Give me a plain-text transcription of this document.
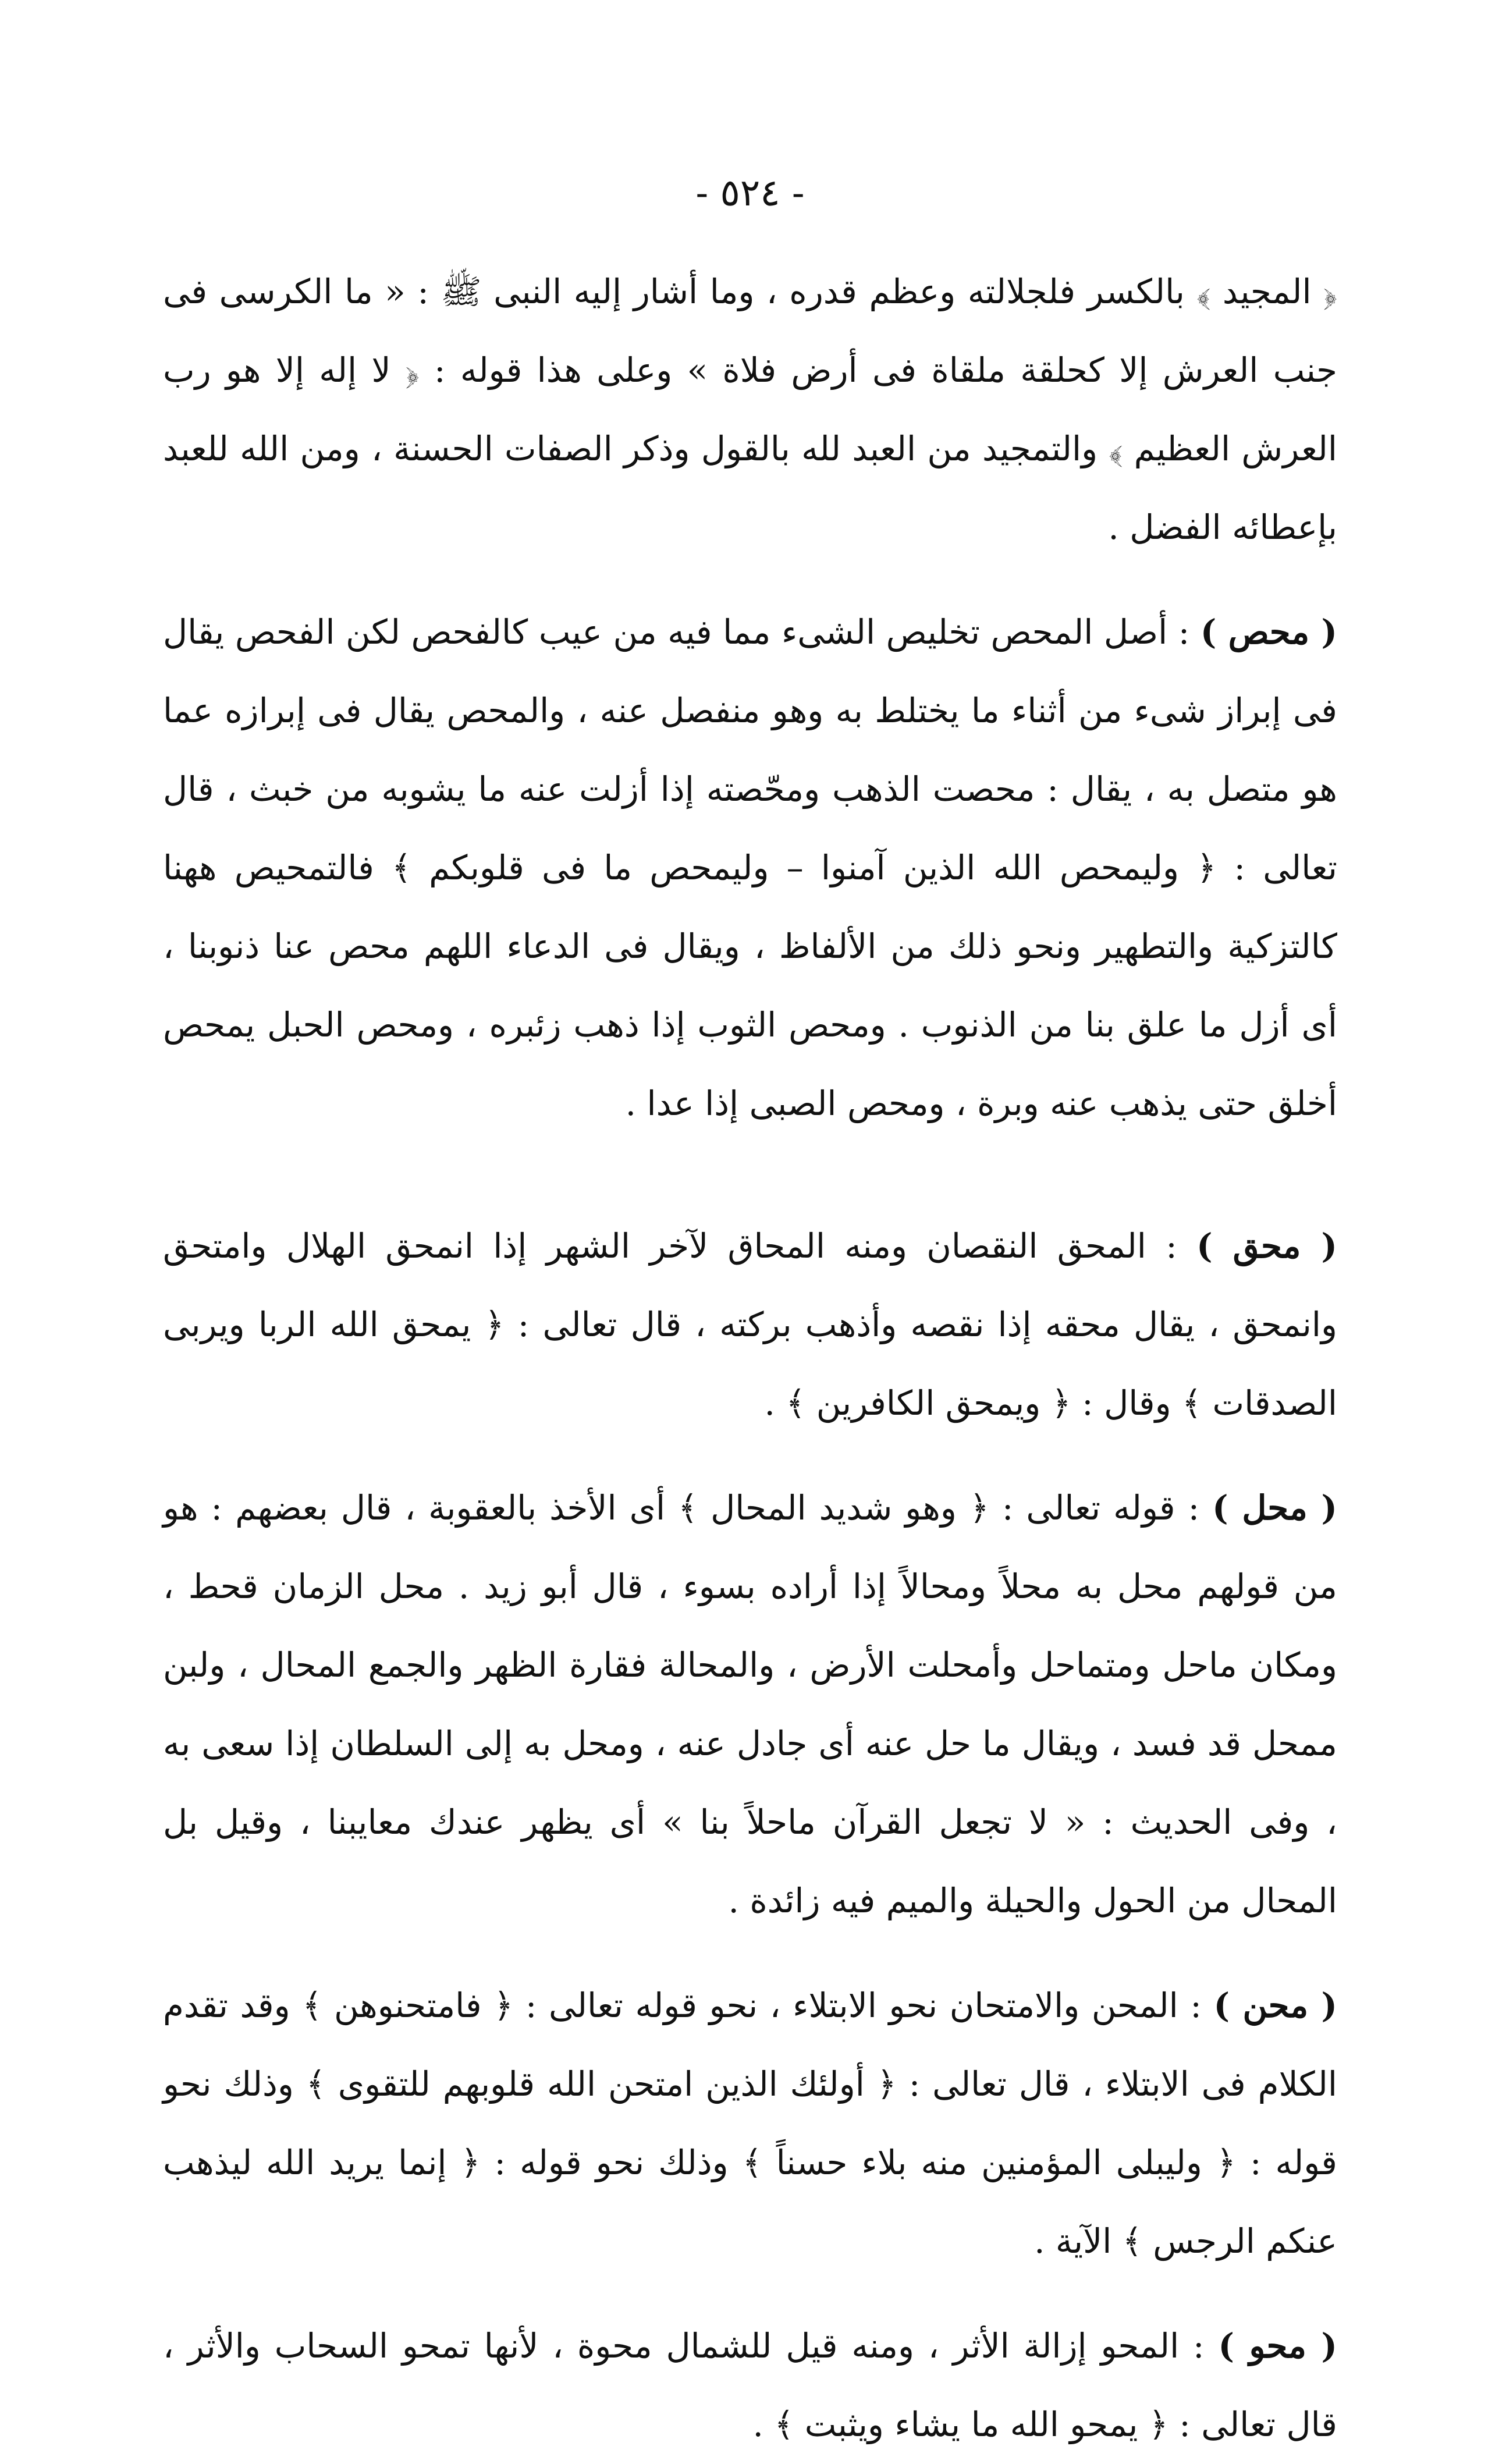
- ٥٢٤ -

﴿ المجيد ﴾ بالكسر فلجلالته وعظم قدره ، وما أشار إليه النبى ﷺ : « ما الكرسى فى جنب العرش إلا كحلقة ملقاة فى أرض فلاة » وعلى هذا قوله : ﴿ لا إله إلا هو رب العرش العظيم ﴾ والتمجيد من العبد لله بالقول وذكر الصفات الحسنة ، ومن الله للعبد بإعطائه الفضل .

( محص ) : أصل المحص تخليص الشىء مما فيه من عيب كالفحص لكن الفحص يقال فى إبراز شىء من أثناء ما يختلط به وهو منفصل عنه ، والمحص يقال فى إبرازه عما هو متصل به ، يقال : محصت الذهب ومحّصته إذا أزلت عنه ما يشوبه من خبث ، قال تعالى : ﴿ وليمحص الله الذين آمنوا – وليمحص ما فى قلوبكم ﴾ فالتمحيص ههنا كالتزكية والتطهير ونحو ذلك من الألفاظ ، ويقال فى الدعاء اللهم محص عنا ذنوبنا ، أى أزل ما علق بنا من الذنوب . ومحص الثوب إذا ذهب زئبره ، ومحص الحبل يمحص أخلق حتى يذهب عنه وبرة ، ومحص الصبى إذا عدا .

( محق ) : المحق النقصان ومنه المحاق لآخر الشهر إذا انمحق الهلال وامتحق وانمحق ، يقال محقه إذا نقصه وأذهب بركته ، قال تعالى : ﴿ يمحق الله الربا ويربى الصدقات ﴾ وقال : ﴿ ويمحق الكافرين ﴾ .

( محل ) : قوله تعالى : ﴿ وهو شديد المحال ﴾ أى الأخذ بالعقوبة ، قال بعضهم : هو من قولهم محل به محلاً ومحالاً إذا أراده بسوء ، قال أبو زيد . محل الزمان قحط ، ومكان ماحل ومتماحل وأمحلت الأرض ، والمحالة فقارة الظهر والجمع المحال ، ولبن ممحل قد فسد ، ويقال ما حل عنه أى جادل عنه ، ومحل به إلى السلطان إذا سعى به ، وفى الحديث : « لا تجعل القرآن ماحلاً بنا » أى يظهر عندك معايبنا ، وقيل بل المحال من الحول والحيلة والميم فيه زائدة .

( محن ) : المحن والامتحان نحو الابتلاء ، نحو قوله تعالى : ﴿ فامتحنوهن ﴾ وقد تقدم الكلام فى الابتلاء ، قال تعالى : ﴿ أولئك الذين امتحن الله قلوبهم للتقوى ﴾ وذلك نحو قوله : ﴿ وليبلى المؤمنين منه بلاء حسناً ﴾ وذلك نحو قوله : ﴿ إنما يريد الله ليذهب عنكم الرجس ﴾ الآية .

( محو ) : المحو إزالة الأثر ، ومنه قيل للشمال محوة ، لأنها تمحو السحاب والأثر ، قال تعالى : ﴿ يمحو الله ما يشاء ويثبت ﴾ .
